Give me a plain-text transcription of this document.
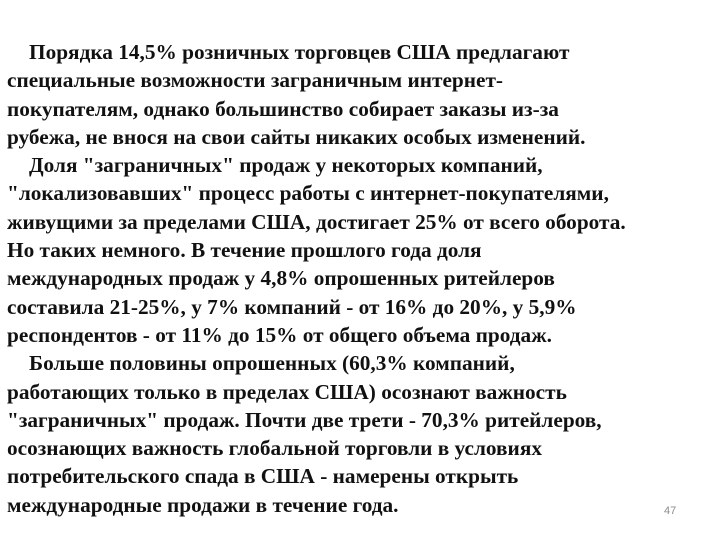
Порядка 14,5% розничных торговцев США предлагают
специальные возможности заграничным интернет-
покупателям, однако большинство собирает заказы из-за
рубежа, не внося на свои сайты никаких особых изменений.
Доля "заграничных" продаж у некоторых компаний,
"локализовавших" процесс работы с интернет-покупателями,
живущими за пределами США, достигает 25% от всего оборота.
Но таких немного. В течение прошлого года доля
международных продаж у 4,8% опрошенных ритейлеров
составила 21-25%, у 7% компаний - от 16% до 20%, у 5,9%
респондентов - от 11% до 15% от общего объема продаж.
Больше половины опрошенных (60,3% компаний,
работающих только в пределах США) осознают важность
"заграничных" продаж. Почти две трети - 70,3% ритейлеров,
осознающих важность глобальной торговли в условиях
потребительского спада в США - намерены открыть
международные продажи в течение года.	47
